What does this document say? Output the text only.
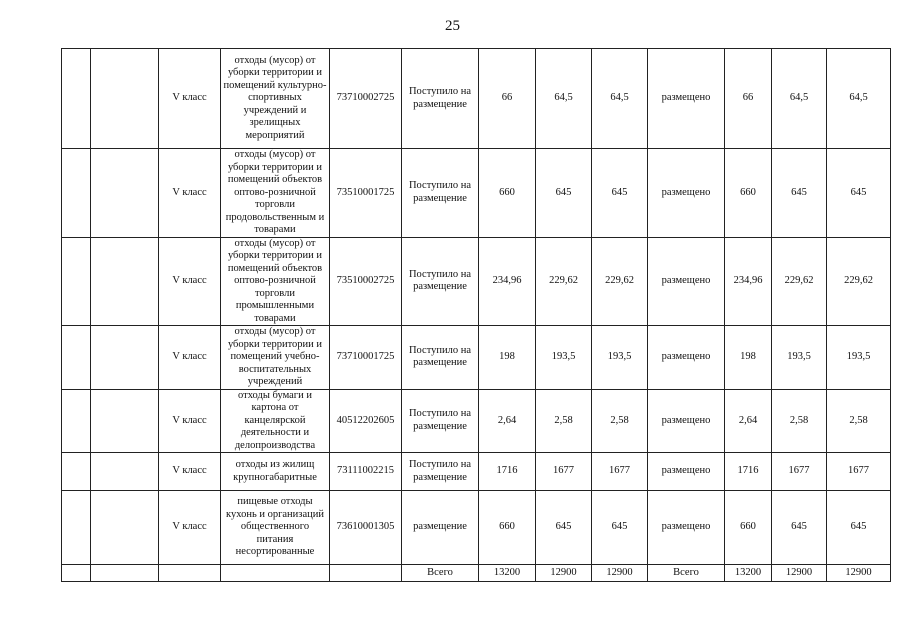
25
		V класс	отходы (мусор) от уборки территории и помещений культурно-спортивных учреждений и зрелищных мероприятий	73710002725	Поступило на размещение	66	64,5	64,5	размещено	66	64,5	64,5
		V класс	отходы (мусор) от уборки территории и помещений объектов оптово-розничной торговли продовольственным и товарами	73510001725	Поступило на размещение	660	645	645	размещено	660	645	645
		V класс	отходы (мусор) от уборки территории и помещений объектов оптово-розничной торговли промышленными товарами	73510002725	Поступило на размещение	234,96	229,62	229,62	размещено	234,96	229,62	229,62
		V класс	отходы (мусор) от уборки территории и помещений учебно-воспитательных учреждений	73710001725	Поступило на размещение	198	193,5	193,5	размещено	198	193,5	193,5
		V класс	отходы бумаги и картона от канцелярской деятельности и делопроизводства	40512202605	Поступило на размещение	2,64	2,58	2,58	размещено	2,64	2,58	2,58
		V класс	отходы из жилищ крупногабаритные	73111002215	Поступило на размещение	1716	1677	1677	размещено	1716	1677	1677
		V класс	пищевые отходы кухонь и организаций общественного питания несортированные	73610001305	размещение	660	645	645	размещено	660	645	645
					Всего	13200	12900	12900	Всего	13200	12900	12900
